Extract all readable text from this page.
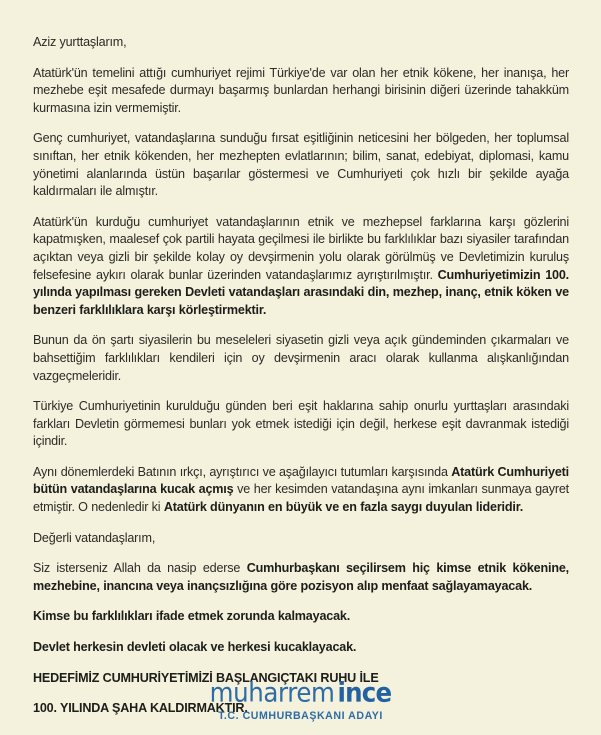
Aziz yurttaşlarım,

Atatürk'ün temelini attığı cumhuriyet rejimi Türkiye'de var olan her etnik kökene, her inanışa, her mezhebe eşit mesafede durmayı başarmış bunlardan herhangi birisinin diğeri üzerinde tahakküm kurmasına izin vermemiştir.

Genç cumhuriyet, vatandaşlarına sunduğu fırsat eşitliğinin neticesini her bölgeden, her toplumsal sınıftan, her etnik kökenden, her mezhepten evlatlarının; bilim, sanat, edebiyat, diplomasi, kamu yönetimi alanlarında üstün başarılar göstermesi ve Cumhuriyeti çok hızlı bir şekilde ayağa kaldırmaları ile almıştır.

Atatürk'ün kurduğu cumhuriyet vatandaşlarının etnik ve mezhepsel farklarına karşı gözlerini kapatmışken, maalesef çok partili hayata geçilmesi ile birlikte bu farklılıklar bazı siyasiler tarafından açıktan veya gizli bir şekilde kolay oy devşirmenin yolu olarak görülmüş ve Devletimizin kuruluş felsefesine aykırı olarak bunlar üzerinden vatandaşlarımız ayrıştırılmıştır. Cumhuriyetimizin 100. yılında yapılması gereken Devleti vatandaşları arasındaki din, mezhep, inanç, etnik köken ve benzeri farklılıklara karşı körleştirmektir.

Bunun da ön şartı siyasilerin bu meseleleri siyasetin gizli veya açık gündeminden çıkarmaları ve bahsettiğim farklılıkları kendileri için oy devşirmenin aracı olarak kullanma alışkanlığından vazgeçmeleridir.

Türkiye Cumhuriyetinin kurulduğu günden beri eşit haklarına sahip onurlu yurttaşları arasındaki farkları Devletin görmemesi bunları yok etmek istediği için değil, herkese eşit davranmak istediği içindir.

Aynı dönemlerdeki Batının ırkçı, ayrıştırıcı ve aşağılayıcı tutumları karşısında Atatürk Cumhuriyeti bütün vatandaşlarına kucak açmış ve her kesimden vatandaşına aynı imkanları sunmaya gayret etmiştir. O nedenledir ki Atatürk dünyanın en büyük ve en fazla saygı duyulan lideridir.

Değerli vatandaşlarım,

Siz isterseniz Allah da nasip ederse Cumhurbaşkanı seçilirsem hiç kimse etnik kökenine, mezhebine, inancına veya inançsızlığına göre pozisyon alıp menfaat sağlayamayacak.

Kimse bu farklılıkları ifade etmek zorunda kalmayacak.

Devlet herkesin devleti olacak ve herkesi kucaklayacak.

HEDEFİMİZ CUMHURİYETİMİZİ BAŞLANGIÇTAKI RUHU İLE

100. YILINDA ŞAHA KALDIRMAKTIR.

muharrem ince
T.C. CUMHURBAŞKANI ADAYI
